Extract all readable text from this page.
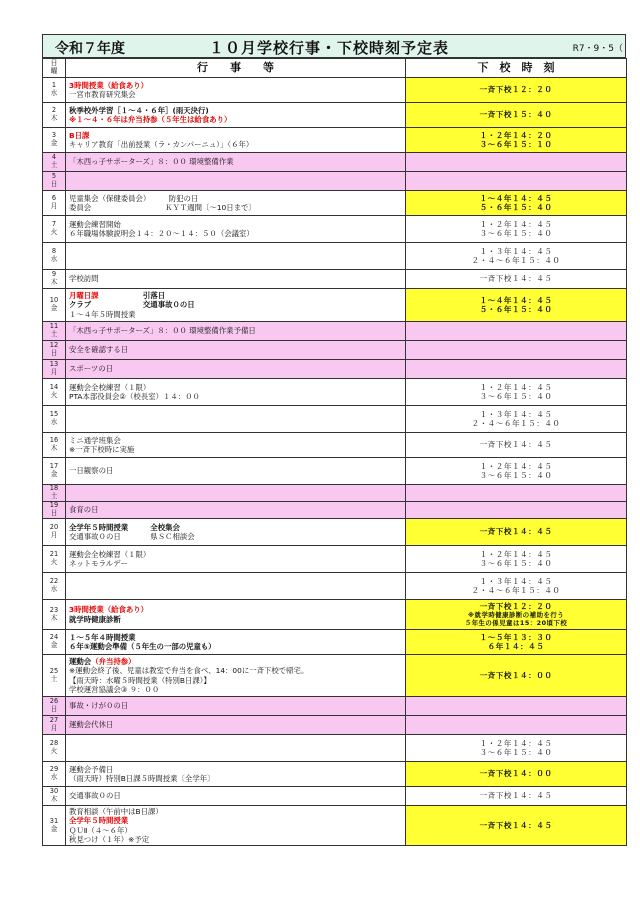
令和７年度	１０月学校行事・下校時刻予定表	R7・9・5（
日
曜	行　　事　　等	下　校　時　刻

1
水	3時間授業（給食あり）
一宮市教育研究集会	一斉下校１２：２０

2
木	秋季校外学習［１～４・６年］(雨天決行)
※１～４・６年は弁当持参（５年生は給食あり）	一斉下校１５：４０

3
金	B日課
キャリア教育「出前授業（ラ・カンパーニュ）」（６年）	１・２年１４：２０
３～６年１５：１０

4
土	「木西っ子サポーターズ」８：００ 環境整備作業	

5
日		

6
月	児童集会（保健委員会）　　　防犯の日
委員会　　　　　　　　　　ＫＹＴ週間〔～10日まで〕	１～４年１４：４５
５・６年１５：４０

7
火	運動会練習開始
６年職場体験説明会１４：２０～１４：５０（会議室）	１・２年１４：４５
３～６年１５：４０

8
水		１・３年１４：４５
２・４～６年１５：４０

9
木	学校訪問	一斉下校１４：４５

10
金	月曜日課　　　　　　引落日
クラブ　　　　　　　交通事故０の日
１～４年５時間授業	１～４年１４：４５
５・６年１５：４０

11
土	「木西っ子サポーターズ」８：００ 環境整備作業予備日	

12
日	安全を確認する日	

13
月	スポーツの日	

14
火	運動会全校練習（１限）
PTA本部役員会②（校長室）１４：００	１・２年１４：４５
３～６年１５：４０

15
水		１・３年１４：４５
２・４～６年１５：４０

16
木	ミニ通学班集会
※一斉下校時に実施	一斉下校１４：４５

17
金	一日観察の日	１・２年１４：４５
３～６年１５：４０

18
土		

19
日	食育の日	

20
月	全学年５時間授業　　　全校集会
交通事故０の日　　　　県ＳＣ相談会	一斉下校１４：４５

21
火	運動会全校練習（１限）
ネットモラルデー	１・２年１４：４５
３～６年１５：４０

22
水		１・３年１４：４５
２・４～６年１５：４０

23
木	3時間授業（給食あり）
就学時健康診断	一斉下校１２：２０
※就学時健康診断の補助を行う
５年生の係児童は15：20頃下校

24
金	１～５年４時間授業
６年⑤運動会準備（５年生の一部の児童も）	１～５年１３：３０
６年１４：４５

25
土	運動会（弁当持参）
※運動会終了後、児童は教室で弁当を食べ、14：00に一斉下校で帰宅。
【雨天時：水曜５時間授業（特別B日課）】
学校運営協議会③ ９：００	一斉下校１４：００

26
日	事故・けが０の日	

27
月	運動会代休日	

28
火		１・２年１４：４５
３～６年１５：４０

29
水	運動会予備日
（雨天時）特別B日課５時間授業〔全学年〕	一斉下校１４：００

30
木	交通事故０の日	一斉下校１４：４５

31
金	教育相談（午前中はB日課）
全学年５時間授業
ＱＵⅡ（４～６年）
秋見つけ（１年）※予定	一斉下校１４：４５
